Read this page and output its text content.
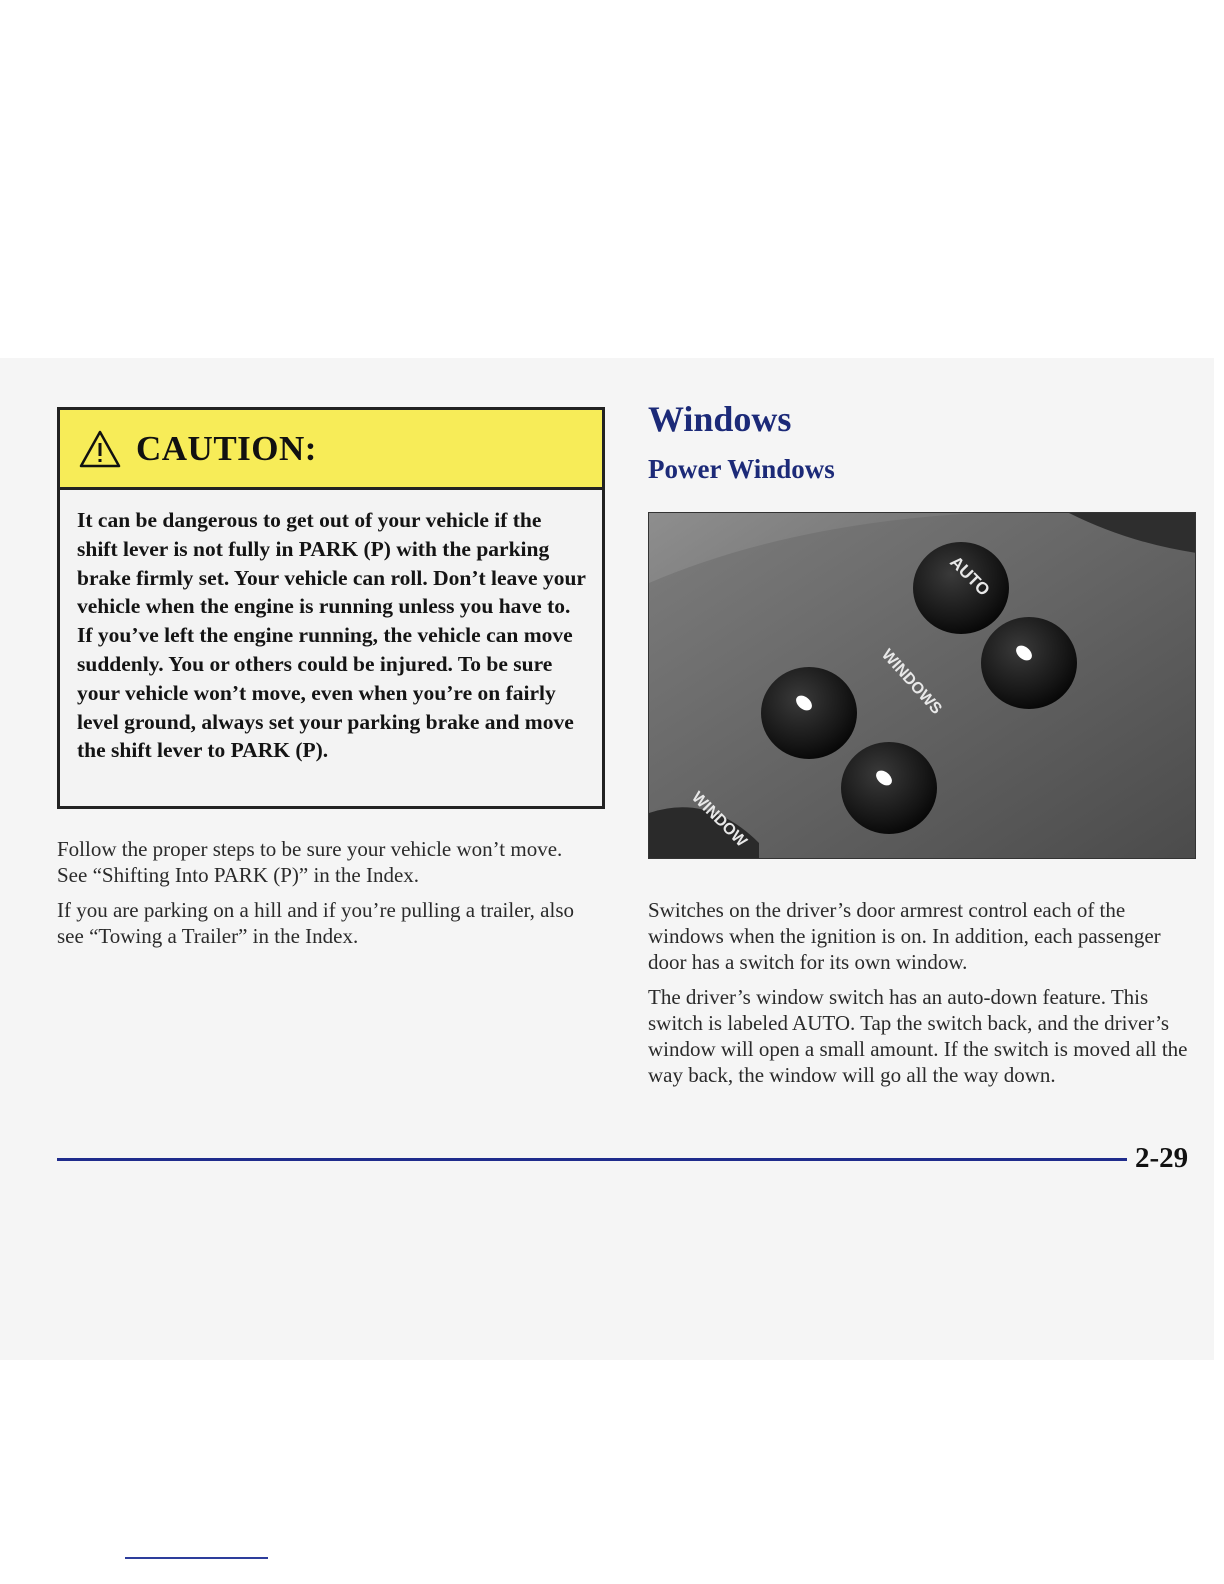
CAUTION:
It can be dangerous to get out of your vehicle if the shift lever is not fully in PARK (P) with the parking brake firmly set. Your vehicle can roll. Don’t leave your vehicle when the engine is running unless you have to. If you’ve left the engine running, the vehicle can move suddenly. You or others could be injured. To be sure your vehicle won’t move, even when you’re on fairly level ground, always set your parking brake and move the shift lever to PARK (P).

Follow the proper steps to be sure your vehicle won’t move. See “Shifting Into PARK (P)” in the Index.

If you are parking on a hill and if you’re pulling a trailer, also see “Towing a Trailer” in the Index.

Windows
Power Windows
AUTO
WINDOWS
WINDOW

Switches on the driver’s door armrest control each of the windows when the ignition is on. In addition, each passenger door has a switch for its own window.

The driver’s window switch has an auto-down feature. This switch is labeled AUTO. Tap the switch back, and the driver’s window will open a small amount. If the switch is moved all the way back, the window will go all the way down.

2-29
